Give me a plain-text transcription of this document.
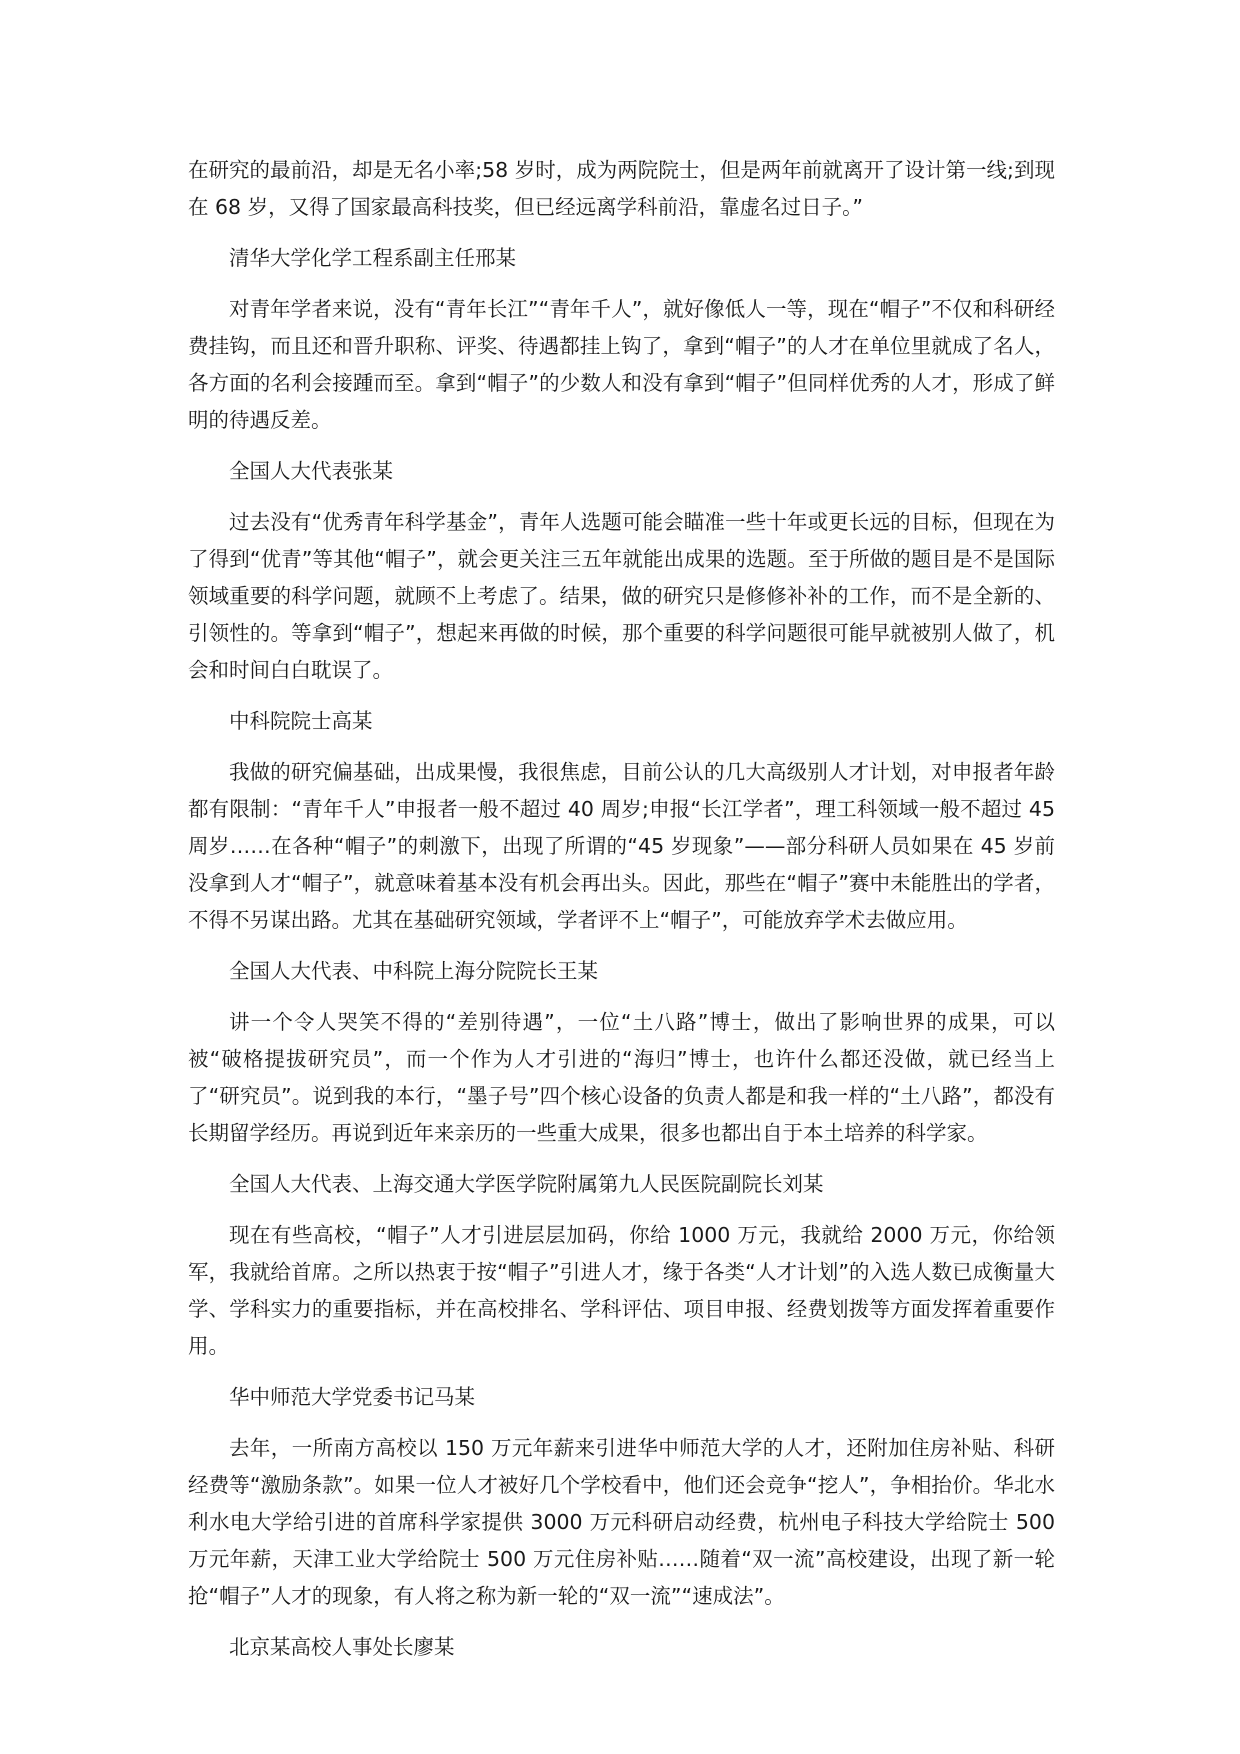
在研究的最前沿，却是无名小率;58 岁时，成为两院院士，但是两年前就离开了设计第一线;到现在 68 岁，又得了国家最高科技奖，但已经远离学科前沿，靠虚名过日子。”

清华大学化学工程系副主任邢某

对青年学者来说，没有“青年长江”“青年千人”，就好像低人一等，现在“帽子”不仅和科研经费挂钩，而且还和晋升职称、评奖、待遇都挂上钩了，拿到“帽子”的人才在单位里就成了名人，各方面的名利会接踵而至。拿到“帽子”的少数人和没有拿到“帽子”但同样优秀的人才，形成了鲜明的待遇反差。

全国人大代表张某

过去没有“优秀青年科学基金”，青年人选题可能会瞄准一些十年或更长远的目标，但现在为了得到“优青”等其他“帽子”，就会更关注三五年就能出成果的选题。至于所做的题目是不是国际领域重要的科学问题，就顾不上考虑了。结果，做的研究只是修修补补的工作，而不是全新的、引领性的。等拿到“帽子”，想起来再做的时候，那个重要的科学问题很可能早就被别人做了，机会和时间白白耽误了。

中科院院士高某

我做的研究偏基础，出成果慢，我很焦虑，目前公认的几大高级别人才计划，对申报者年龄都有限制：“青年千人”申报者一般不超过 40 周岁;申报“长江学者”，理工科领域一般不超过 45 周岁……在各种“帽子”的刺激下，出现了所谓的“45 岁现象”——部分科研人员如果在 45 岁前没拿到人才“帽子”，就意味着基本没有机会再出头。因此，那些在“帽子”赛中未能胜出的学者，不得不另谋出路。尤其在基础研究领域，学者评不上“帽子”，可能放弃学术去做应用。

全国人大代表、中科院上海分院院长王某

讲一个令人哭笑不得的“差别待遇”，一位“土八路”博士，做出了影响世界的成果，可以被“破格提拔研究员”，而一个作为人才引进的“海归”博士，也许什么都还没做，就已经当上了“研究员”。说到我的本行，“墨子号”四个核心设备的负责人都是和我一样的“土八路”，都没有长期留学经历。再说到近年来亲历的一些重大成果，很多也都出自于本土培养的科学家。

全国人大代表、上海交通大学医学院附属第九人民医院副院长刘某

现在有些高校，“帽子”人才引进层层加码，你给 1000 万元，我就给 2000 万元，你给领军，我就给首席。之所以热衷于按“帽子”引进人才，缘于各类“人才计划”的入选人数已成衡量大学、学科实力的重要指标，并在高校排名、学科评估、项目申报、经费划拨等方面发挥着重要作用。

华中师范大学党委书记马某

去年，一所南方高校以 150 万元年薪来引进华中师范大学的人才，还附加住房补贴、科研经费等“激励条款”。如果一位人才被好几个学校看中，他们还会竞争“挖人”，争相抬价。华北水利水电大学给引进的首席科学家提供 3000 万元科研启动经费，杭州电子科技大学给院士 500 万元年薪，天津工业大学给院士 500 万元住房补贴……随着“双一流”高校建设，出现了新一轮抢“帽子”人才的现象，有人将之称为新一轮的“双一流”“速成法”。

北京某高校人事处长廖某
